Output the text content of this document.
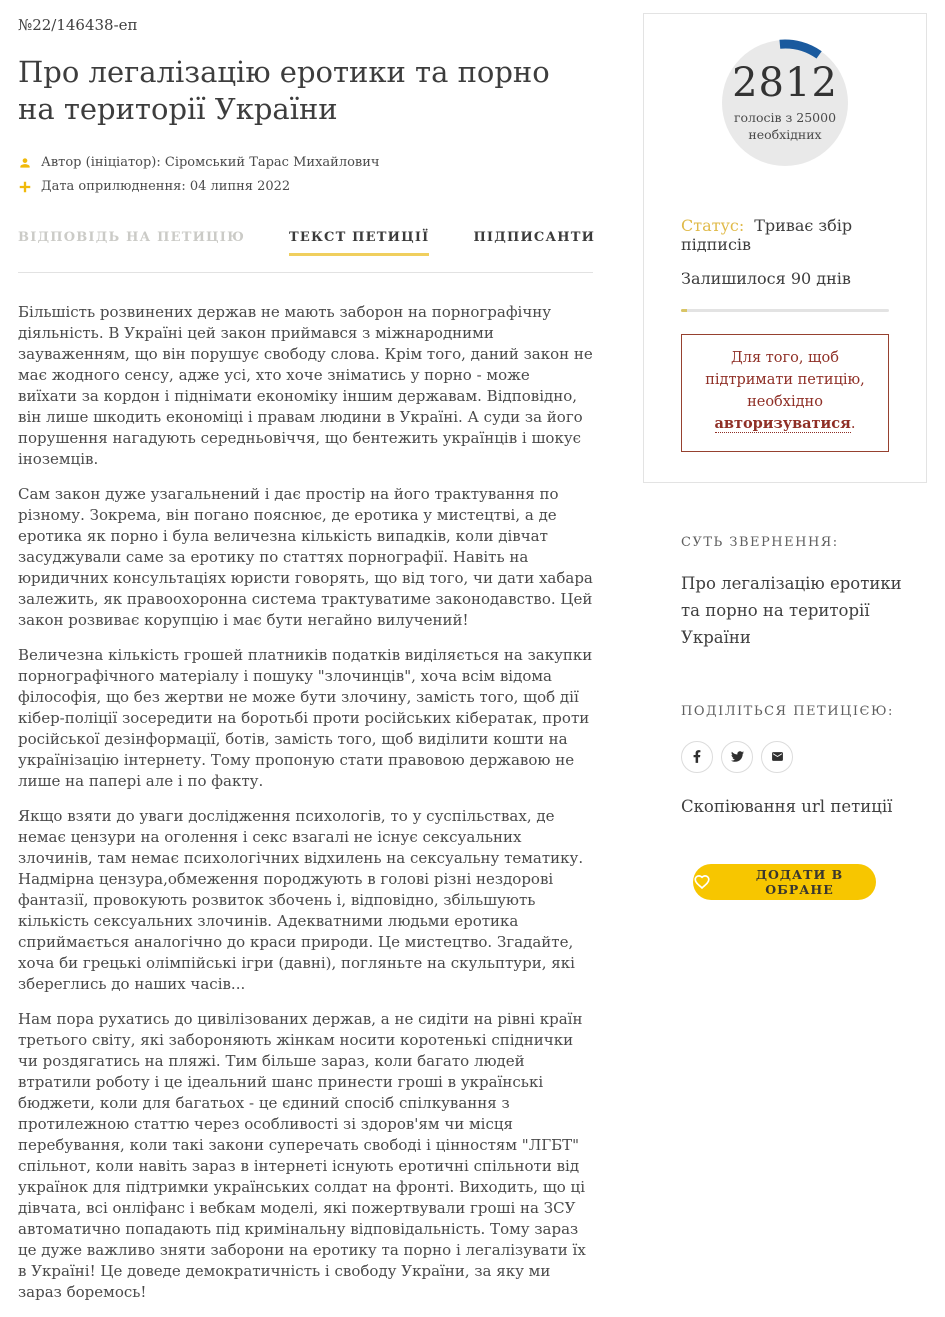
№22/146438-еп
Про легалізацію еротики та порно на території України
Автор (ініціатор): Сіромський Тарас Михайлович
Дата оприлюднення: 04 липня 2022
ВІДПОВІДЬ НА ПЕТИЦІЮ	ТЕКСТ ПЕТИЦІЇ	ПІДПИСАНТИ

Більшість розвинених держав не мають заборон на порнографічну діяльність. В Україні цей закон приймався з міжнародними зауваженням, що він порушує свободу слова. Крім того, даний закон не має жодного сенсу, адже усі, хто хоче зніматись у порно - може виїхати за кордон і піднімати економіку іншим державам. Відповідно, він лише шкодить економіці і правам людини в Україні. А суди за його порушення нагадують середньовіччя, що бентежить українців і шокує іноземців.

Сам закон дуже узагальнений і дає простір на його трактування по різному. Зокрема, він погано пояснює, де еротика у мистецтві, а де еротика як порно і була величезна кількість випадків, коли дівчат засуджували саме за еротику по статтях порнографії. Навіть на юридичних консультаціях юристи говорять, що від того, чи дати хабара залежить, як правоохоронна система трактуватиме законодавство. Цей закон розвиває корупцію і має бути негайно вилучений!

Величезна кількість грошей платників податків виділяється на закупки порнографічного матеріалу і пошуку "злочинців", хоча всім відома філософія, що без жертви не може бути злочину, замість того, щоб дії кібер-поліції зосередити на боротьбі проти російських кібератак, проти російської дезінформації, ботів, замість того, щоб виділити кошти на українізацію інтернету. Тому пропоную стати правовою державою не лише на папері але і по факту.

Якщо взяти до уваги дослідження психологів, то у суспільствах, де немає цензури на оголення і секс взагалі не існує сексуальних злочинів, там немає психологічних відхилень на сексуальну тематику. Надмірна цензура,обмеження породжують в голові різні нездорові фантазії, провокують розвиток збочень і, відповідно, збільшують кількість сексуальних злочинів. Адекватними людьми еротика сприймається аналогічно до краси природи. Це мистецтво. Згадайте, хоча би грецькі олімпійські ігри (давні), погляньте на скульптури, які збереглись до наших часів...

Нам пора рухатись до цивілізованих держав, а не сидіти на рівні країн третього світу, які забороняють жінкам носити коротенькі спіднички чи роздягатись на пляжі. Тим більше зараз, коли багато людей втратили роботу і це ідеальний шанс принести гроші в українські бюджети, коли для багатьох - це єдиний спосіб спілкування з протилежною статтю через особливості зі здоров'ям чи місця перебування, коли такі закони суперечать свободі і цінностям "ЛГБТ" спільнот, коли навіть зараз в інтернеті існують еротичні спільноти від українок для підтримки українських солдат на фронті. Виходить, що ці дівчата, всі онліфанс і вебкам моделі, які пожертвували гроші на ЗСУ автоматично попадають під кримінальну відповідальність. Тому зараз це дуже важливо зняти заборони на еротику та порно і легалізувати їх в Україні! Це доведе демократичність і свободу України, за яку ми зараз боремось!

2812
голосів з 25000 необхідних
Статус: Триває збір підписів
Залишилося 90 днів
Для того, щоб підтримати петицію, необхідно авторизуватися.
СУТЬ ЗВЕРНЕННЯ:
Про легалізацію еротики та порно на території України
ПОДІЛІТЬСЯ ПЕТИЦІЄЮ:
Скопіювання url петиції
ДОДАТИ В ОБРАНЕ
